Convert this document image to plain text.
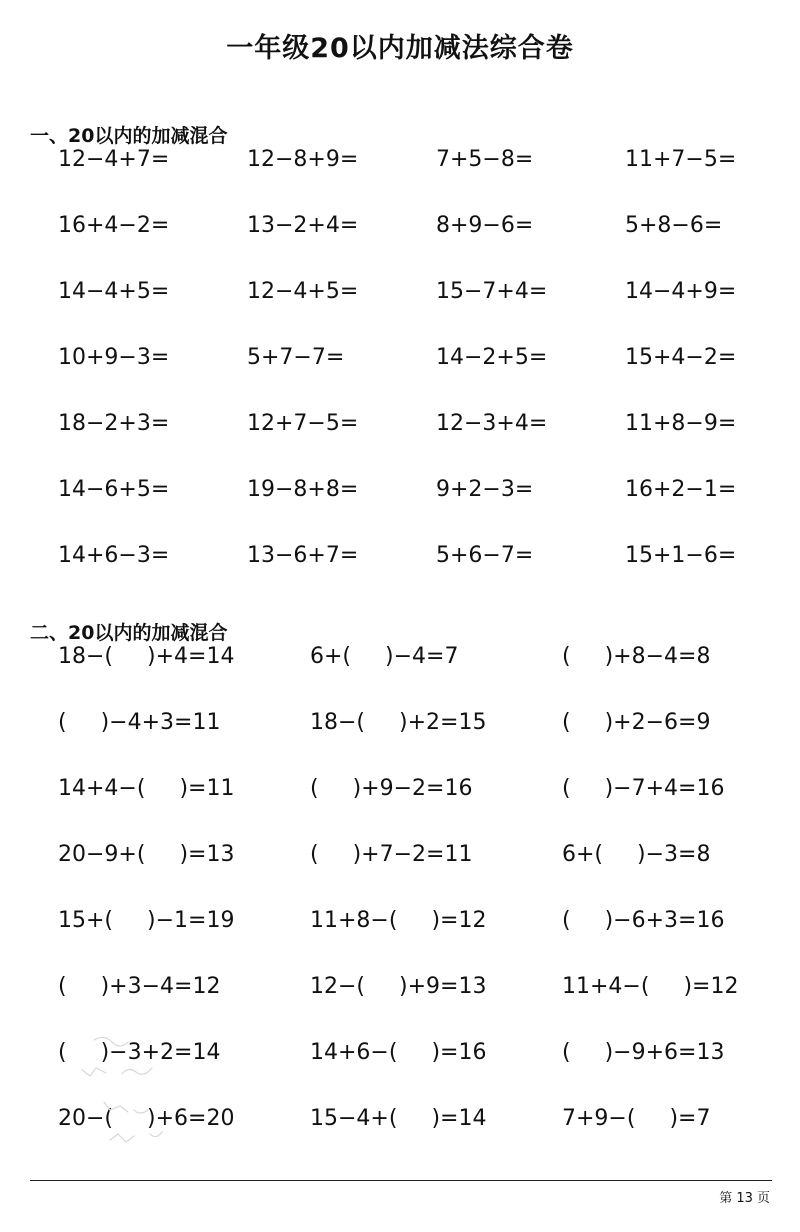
一年级20以内加减法综合卷
一、20以内的加减混合
12−4+7=	12−8+9=	7+5−8=	11+7−5=
16+4−2=	13−2+4=	8+9−6=	5+8−6=
14−4+5=	12−4+5=	15−7+4=	14−4+9=
10+9−3=	5+7−7=	14−2+5=	15+4−2=
18−2+3=	12+7−5=	12−3+4=	11+8−9=
14−6+5=	19−8+8=	9+2−3=	16+2−1=
14+6−3=	13−6+7=	5+6−7=	15+1−6=
二、20以内的加减混合
18−( )+4=14	6+( )−4=7	( )+8−4=8
( )−4+3=11	18−( )+2=15	( )+2−6=9
14+4−( )=11	( )+9−2=16	( )−7+4=16
20−9+( )=13	( )+7−2=11	6+( )−3=8
15+( )−1=19	11+8−( )=12	( )−6+3=16
( )+3−4=12	12−( )+9=13	11+4−( )=12
( )−3+2=14	14+6−( )=16	( )−9+6=13
20−( )+6=20	15−4+( )=14	7+9−( )=7
第 13 页
